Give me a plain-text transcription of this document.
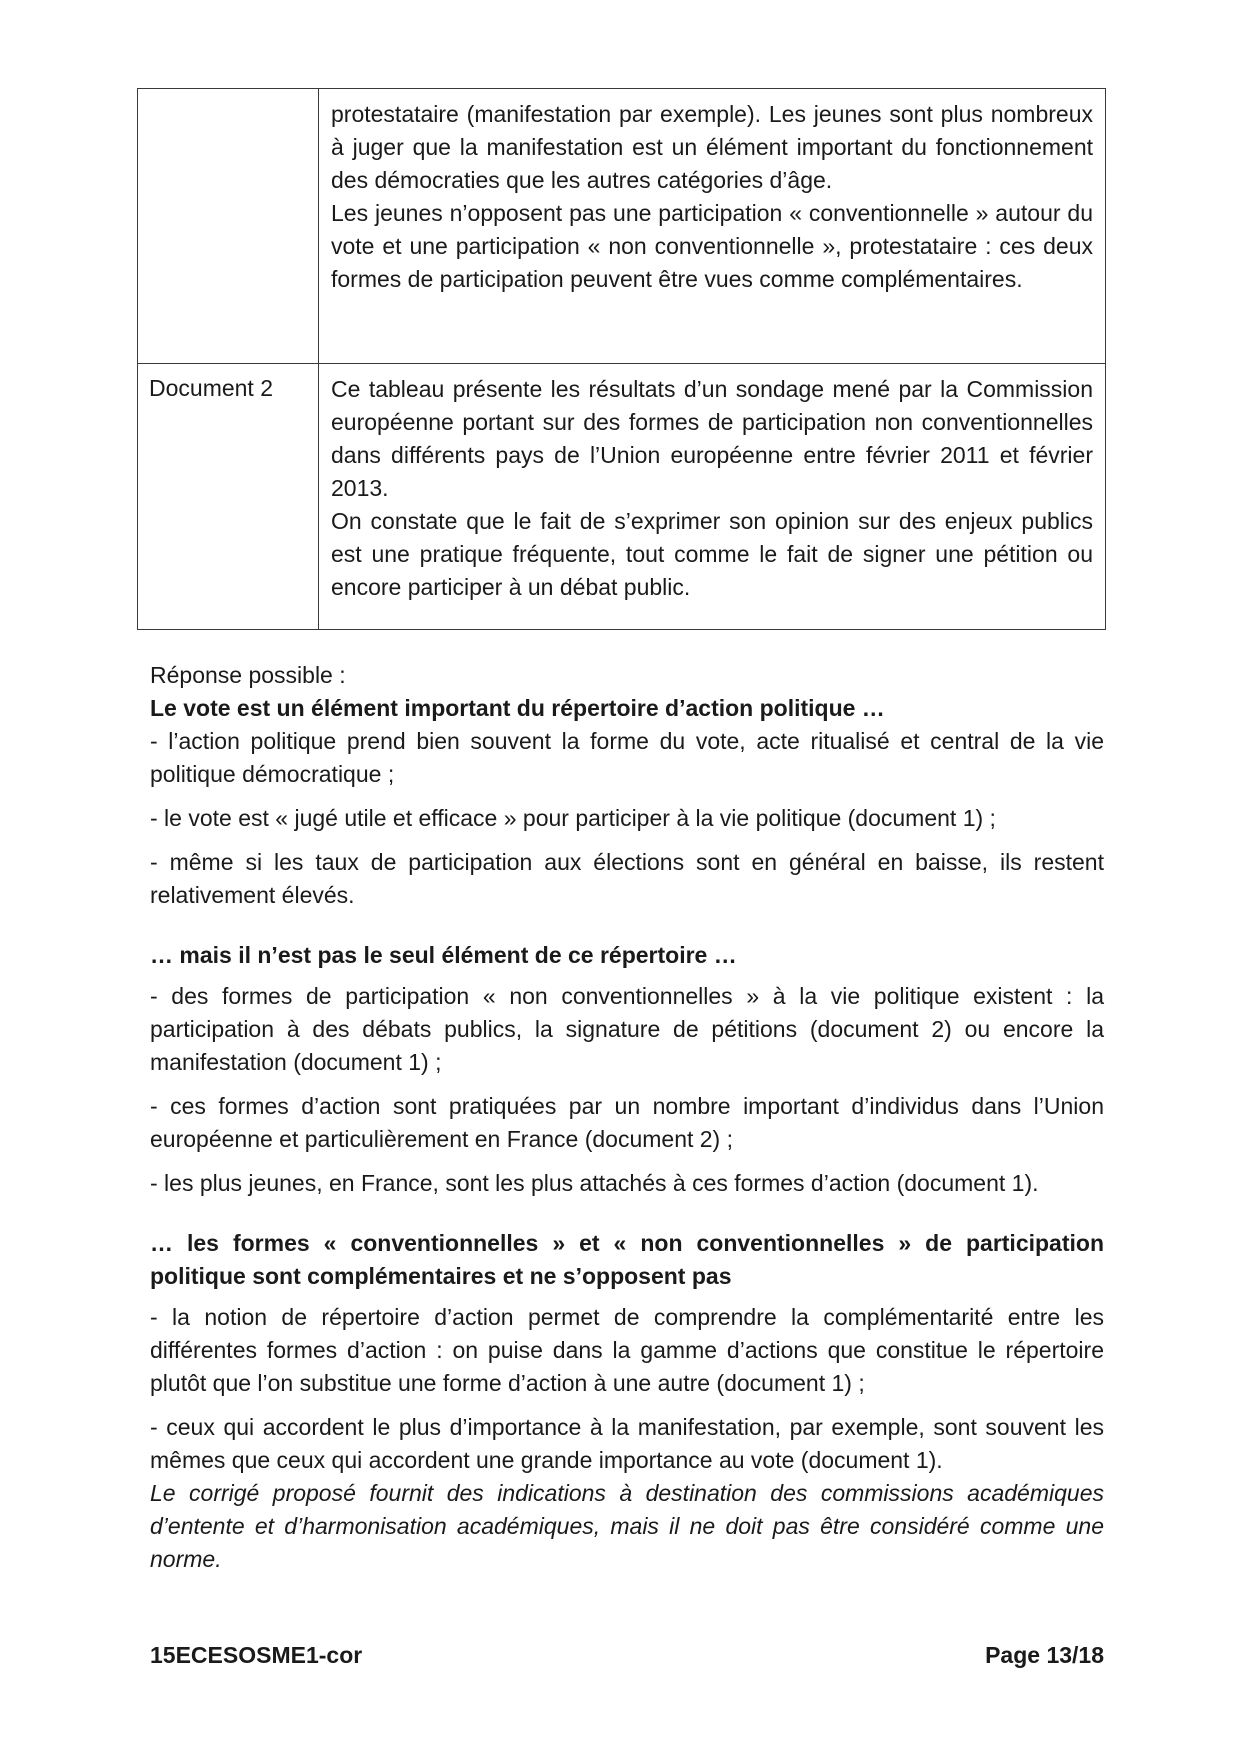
	protestataire (manifestation par exemple). Les jeunes sont plus nombreux à juger que la manifestation est un élément important du fonctionnement des démocraties que les autres catégories d’âge.

Les jeunes n’opposent pas une participation « conventionnelle » autour du vote et une participation « non conventionnelle », protestataire : ces deux formes de participation peuvent être vues comme complémentaires.

Document 2	Ce tableau présente les résultats d’un sondage mené par la Commission européenne portant sur des formes de participation non conventionnelles dans différents pays de l’Union européenne entre février 2011 et février 2013.

On constate que le fait de s’exprimer son opinion sur des enjeux publics est une pratique fréquente, tout comme le fait de signer une pétition ou encore participer à un débat public.

Réponse possible :

Le vote est un élément important du répertoire d’action politique …

- l’action politique prend bien souvent la forme du vote, acte ritualisé et central de la vie politique démocratique ;

- le vote est « jugé utile et efficace » pour participer à la vie politique (document 1) ;

- même si les taux de participation aux élections sont en général en baisse, ils restent relativement élevés.

… mais il n’est pas le seul élément de ce répertoire …

- des formes de participation « non conventionnelles » à la vie politique existent : la participation à des débats publics, la signature de pétitions (document 2) ou encore la manifestation (document 1) ;

- ces formes d’action sont pratiquées par un nombre important d’individus dans l’Union européenne et particulièrement en France (document 2) ;

- les plus jeunes, en France, sont les plus attachés à ces formes d’action (document 1).

… les formes « conventionnelles » et « non conventionnelles » de participation politique sont complémentaires et ne s’opposent pas

- la notion de répertoire d’action permet de comprendre la complémentarité entre les différentes formes d’action : on puise dans la gamme d’actions que constitue le répertoire plutôt que l’on substitue une forme d’action à une autre (document 1) ;

- ceux qui accordent le plus d’importance à la manifestation, par exemple, sont souvent les mêmes que ceux qui accordent une grande importance au vote (document 1).

Le corrigé proposé fournit des indications à destination des commissions académiques d’entente et d’harmonisation académiques, mais il ne doit pas être considéré comme une norme.

15ECESOSME1-cor	Page 13/18
